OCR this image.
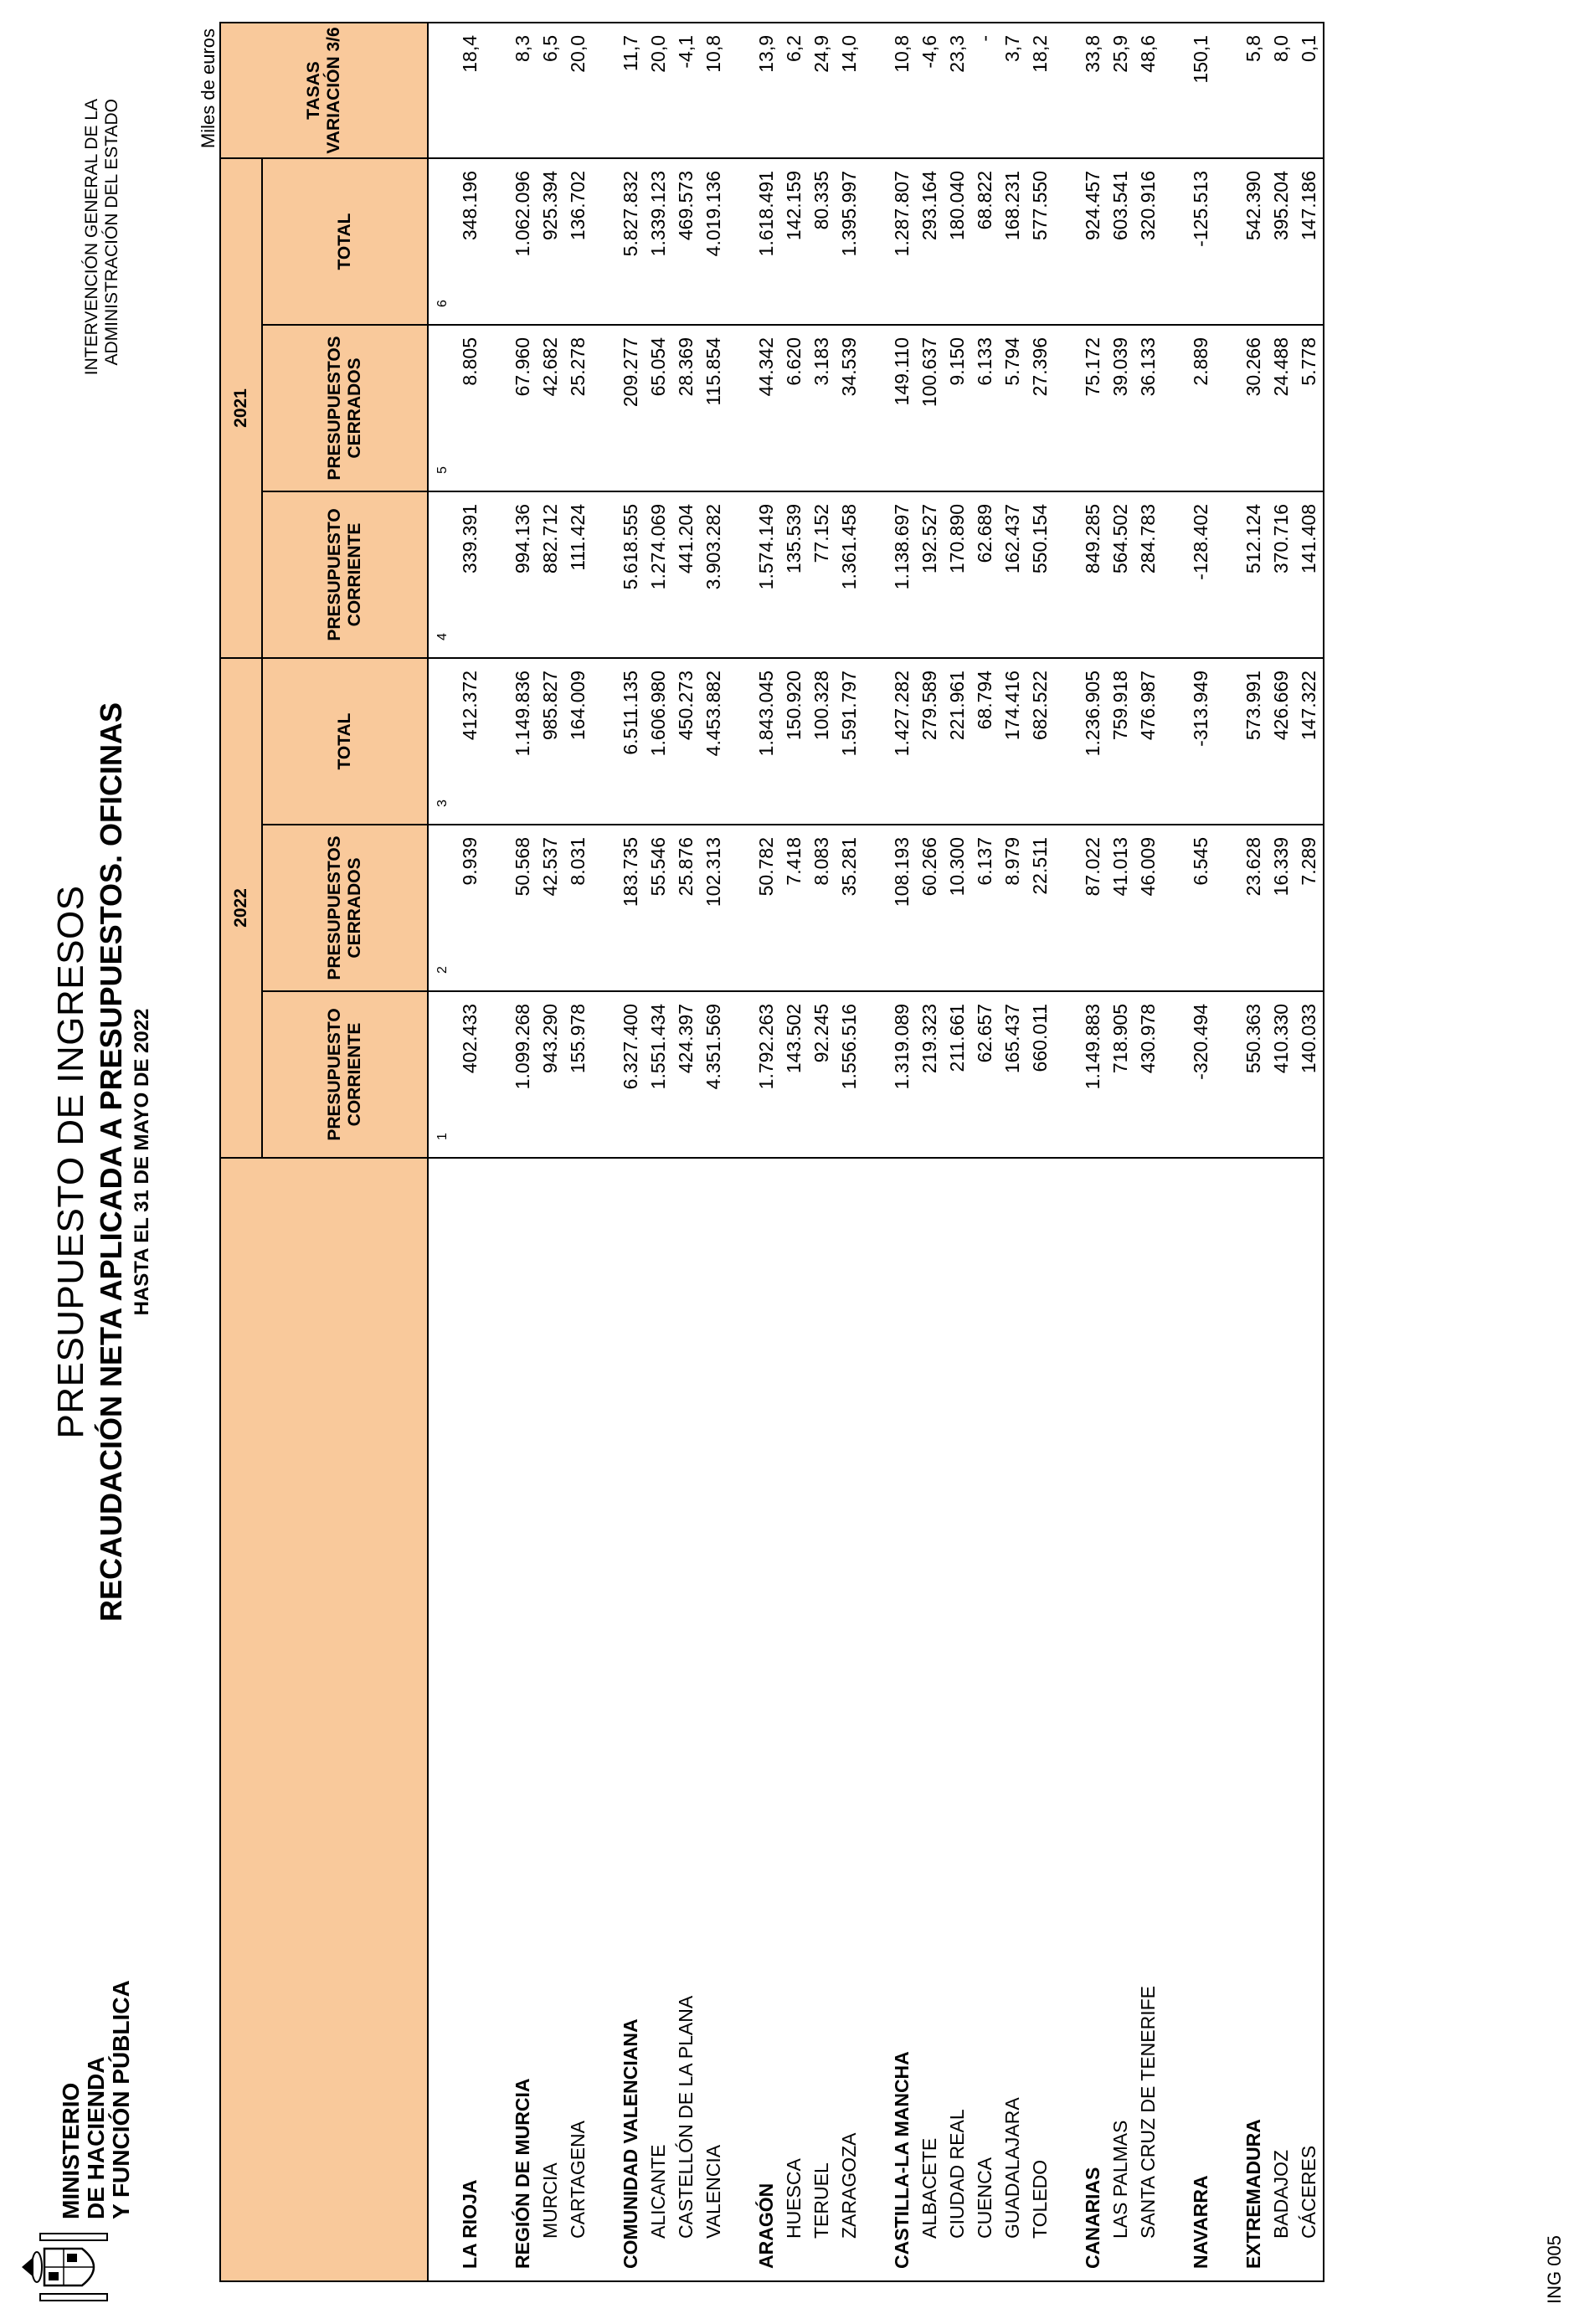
MINISTERIO DE HACIENDA Y FUNCIÓN PÚBLICA
PRESUPUESTO DE INGRESOS RECAUDACIÓN NETA APLICADA A PRESUPUESTOS. OFICINAS HASTA EL 31 DE MAYO DE 2022
INTERVENCIÓN GENERAL DE LA ADMINISTRACIÓN DEL ESTADO
Miles de euros
	2022			2021			TASAS VARIACIÓN 3/6
	PRESUPUESTO CORRIENTE	PRESUPUESTOS CERRADOS	TOTAL	PRESUPUESTO CORRIENTE	PRESUPUESTOS CERRADOS	TOTAL	

	1	2	3	4	5	6	

LA RIOJA	402.433	9.939	412.372	339.391	8.805	348.196	18,4

REGIÓN DE MURCIA	1.099.268	50.568	1.149.836	994.136	67.960	1.062.096	8,3
MURCIA	943.290	42.537	985.827	882.712	42.682	925.394	6,5
CARTAGENA	155.978	8.031	164.009	111.424	25.278	136.702	20,0

COMUNIDAD VALENCIANA	6.327.400	183.735	6.511.135	5.618.555	209.277	5.827.832	11,7
ALICANTE	1.551.434	55.546	1.606.980	1.274.069	65.054	1.339.123	20,0
CASTELLÓN DE LA PLANA	424.397	25.876	450.273	441.204	28.369	469.573	-4,1
VALENCIA	4.351.569	102.313	4.453.882	3.903.282	115.854	4.019.136	10,8

ARAGÓN	1.792.263	50.782	1.843.045	1.574.149	44.342	1.618.491	13,9
HUESCA	143.502	7.418	150.920	135.539	6.620	142.159	6,2
TERUEL	92.245	8.083	100.328	77.152	3.183	80.335	24,9
ZARAGOZA	1.556.516	35.281	1.591.797	1.361.458	34.539	1.395.997	14,0

CASTILLA-LA MANCHA	1.319.089	108.193	1.427.282	1.138.697	149.110	1.287.807	10,8
ALBACETE	219.323	60.266	279.589	192.527	100.637	293.164	-4,6
CIUDAD REAL	211.661	10.300	221.961	170.890	9.150	180.040	23,3
CUENCA	62.657	6.137	68.794	62.689	6.133	68.822	-
GUADALAJARA	165.437	8.979	174.416	162.437	5.794	168.231	3,7
TOLEDO	660.011	22.511	682.522	550.154	27.396	577.550	18,2

CANARIAS	1.149.883	87.022	1.236.905	849.285	75.172	924.457	33,8
LAS PALMAS	718.905	41.013	759.918	564.502	39.039	603.541	25,9
SANTA CRUZ DE TENERIFE	430.978	46.009	476.987	284.783	36.133	320.916	48,6

NAVARRA	-320.494	6.545	-313.949	-128.402	2.889	-125.513	150,1

EXTREMADURA	550.363	23.628	573.991	512.124	30.266	542.390	5,8
BADAJOZ	410.330	16.339	426.669	370.716	24.488	395.204	8,0
CÁCERES	140.033	7.289	147.322	141.408	5.778	147.186	0,1
ING 005
